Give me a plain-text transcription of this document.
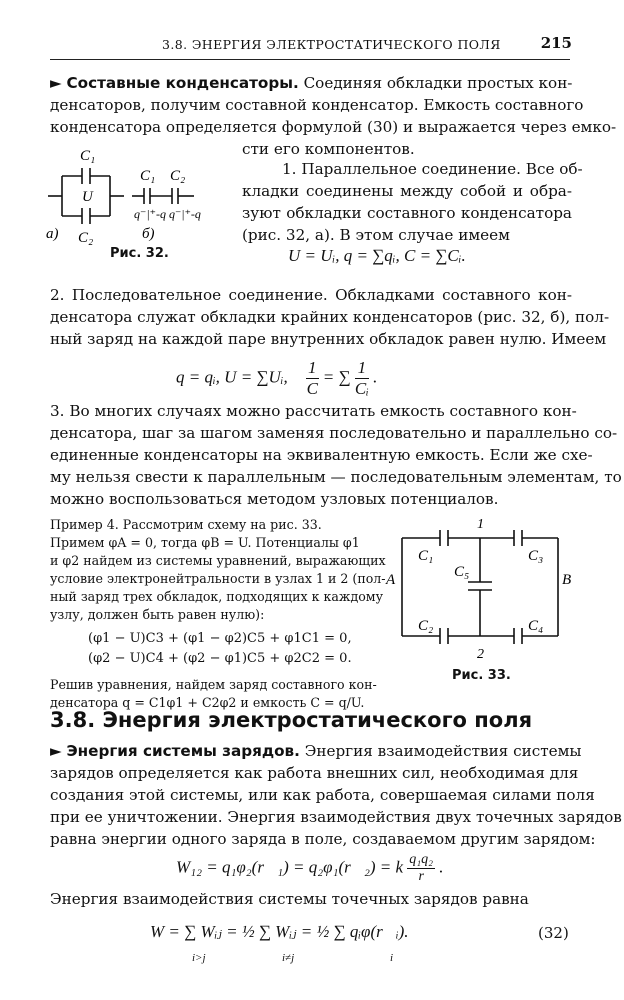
3.8. ЭНЕРГИЯ ЭЛЕКТРОСТАТИЧЕСКОГО ПОЛЯ	215
► Составные конденсаторы. Соединяя обкладки простых кон-
денсаторов, получим составной конденсатор. Емкость составного
конденсатора определяется формулой (30) и выражается через емко-
сти его компонентов.
C₁
U
C₂
а)	б)
C₁ C₂
q⁻|⁺-q q⁻|⁺-q
Рис. 32.
1. Параллельное соединение. Все об-
кладки соединены между собой и обра-
зуют обкладки составного конденсатора
(рис. 32, а). В этом случае имеем
U = Uᵢ, q = ∑qᵢ, C = ∑Cᵢ.
2. Последовательное соединение. Обкладками составного кон-
денсатора служат обкладки крайних конденсаторов (рис. 32, б), пол-
ный заряд на каждой паре внутренних обкладок равен нулю. Имеем
q = qᵢ, U = ∑Uᵢ, $\frac{1}{C}$ = ∑ $\frac{1}{\text{Cᵢ}}$ .
3. Во многих случаях можно рассчитать емкость составного кон-
денсатора, шаг за шагом заменяя последовательно и параллельно со-
единенные конденсаторы на эквивалентную емкость. Если же схе-
му нельзя свести к параллельным — последовательным элементам, то
можно воспользоваться методом узловых потенциалов.
Пример 4. Рассмотрим схему на рис. 33.
Примем φA = 0, тогда φB = U. Потенциалы φ1
и φ2 найдем из системы уравнений, выражающих
условие электронейтральности в узлах 1 и 2 (пол-
ный заряд трех обкладок, подходящих к каждому
узлу, должен быть равен нулю):
(φ1 − U)C3 + (φ1 − φ2)C5 + φ1C1 = 0,
(φ2 − U)C4 + (φ2 − φ1)C5 + φ2C2 = 0.
Решив уравнения, найдем заряд составного кон-
денсатора q = C1φ1 + C2φ2 и емкость C = q/U.
1
2
A	B
C₁
C₂
C₃
C₄
C₅
Рис. 33.
3.8. Энергия электростатического поля
► Энергия системы зарядов. Энергия взаимодействия системы
зарядов определяется как работа внешних сил, необходимая для
создания этой системы, или как работа, совершаемая силами поля
при ее уничтожении. Энергия взаимодействия двух точечных зарядов
равна энергии одного заряда в поле, создаваемом другим зарядом:
W₁₂ = q₁φ₂(r⃗₁) = q₂φ₁(r⃗₂) = k $\frac{\text{q₁q₂}}{r}$ .
Энергия взаимодействия системы точечных зарядов равна
W = ∑ Wᵢⱼ = ½ ∑ Wᵢⱼ = ½ ∑ qᵢφ(r⃗ᵢ).
i>j	i≠j	i
(32)
